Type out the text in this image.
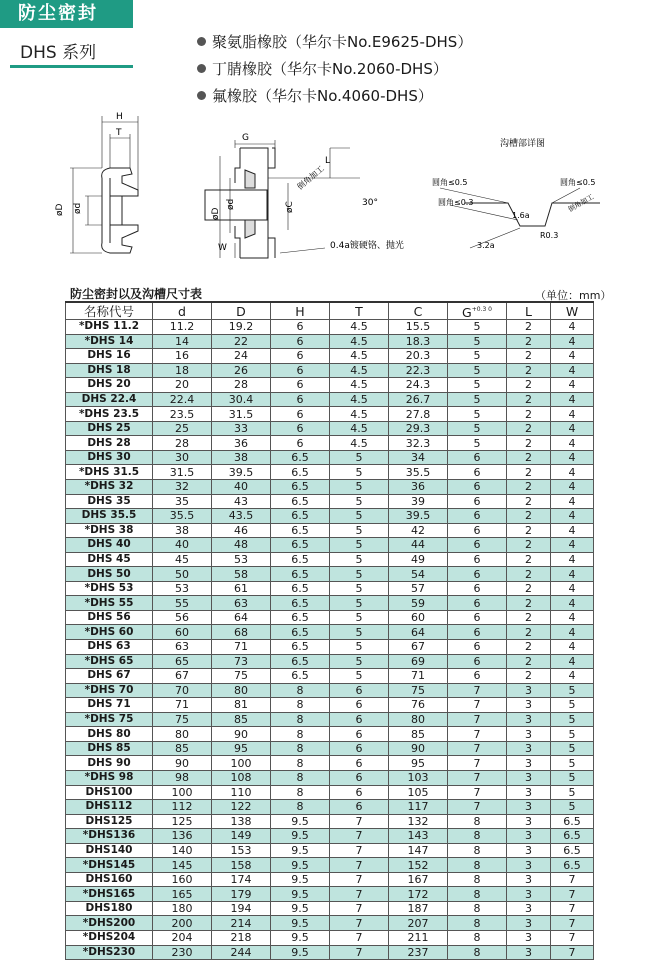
防尘密封
DHS 系列
聚氨脂橡胶（华尔卡No.E9625-DHS）
丁腈橡胶（华尔卡No.2060-DHS）
氟橡胶（华尔卡No.4060-DHS）
H
T
øD ød
G
L
W
øD
ød	øC	30°
倒角加工
0.4a镀硬铬、抛光
沟槽部详图
圆角≤0.5	圆角≤0.5
圆角≤0.3
1.6a
R0.3
3.2a
倒角加工
防尘密封以及沟槽尺寸表	（单位：mm）
名称代号	d	D	H	T	C	$G^{+0.3 0}$	L	W
*DHS 11.2	11.2	19.2	6	4.5	15.5	5	2	4
*DHS 14	14	22	6	4.5	18.3	5	2	4
DHS 16	16	24	6	4.5	20.3	5	2	4
DHS 18	18	26	6	4.5	22.3	5	2	4
DHS 20	20	28	6	4.5	24.3	5	2	4
DHS 22.4	22.4	30.4	6	4.5	26.7	5	2	4
*DHS 23.5	23.5	31.5	6	4.5	27.8	5	2	4
DHS 25	25	33	6	4.5	29.3	5	2	4
DHS 28	28	36	6	4.5	32.3	5	2	4
DHS 30	30	38	6.5	5	34	6	2	4
*DHS 31.5	31.5	39.5	6.5	5	35.5	6	2	4
*DHS 32	32	40	6.5	5	36	6	2	4
DHS 35	35	43	6.5	5	39	6	2	4
DHS 35.5	35.5	43.5	6.5	5	39.5	6	2	4
*DHS 38	38	46	6.5	5	42	6	2	4
DHS 40	40	48	6.5	5	44	6	2	4
DHS 45	45	53	6.5	5	49	6	2	4
DHS 50	50	58	6.5	5	54	6	2	4
*DHS 53	53	61	6.5	5	57	6	2	4
*DHS 55	55	63	6.5	5	59	6	2	4
DHS 56	56	64	6.5	5	60	6	2	4
*DHS 60	60	68	6.5	5	64	6	2	4
DHS 63	63	71	6.5	5	67	6	2	4
*DHS 65	65	73	6.5	5	69	6	2	4
DHS 67	67	75	6.5	5	71	6	2	4
*DHS 70	70	80	8	6	75	7	3	5
DHS 71	71	81	8	6	76	7	3	5
*DHS 75	75	85	8	6	80	7	3	5
DHS 80	80	90	8	6	85	7	3	5
DHS 85	85	95	8	6	90	7	3	5
DHS 90	90	100	8	6	95	7	3	5
*DHS 98	98	108	8	6	103	7	3	5
DHS100	100	110	8	6	105	7	3	5
DHS112	112	122	8	6	117	7	3	5
DHS125	125	138	9.5	7	132	8	3	6.5
*DHS136	136	149	9.5	7	143	8	3	6.5
DHS140	140	153	9.5	7	147	8	3	6.5
*DHS145	145	158	9.5	7	152	8	3	6.5
DHS160	160	174	9.5	7	167	8	3	7
*DHS165	165	179	9.5	7	172	8	3	7
DHS180	180	194	9.5	7	187	8	3	7
*DHS200	200	214	9.5	7	207	8	3	7
*DHS204	204	218	9.5	7	211	8	3	7
*DHS230	230	244	9.5	7	237	8	3	7
